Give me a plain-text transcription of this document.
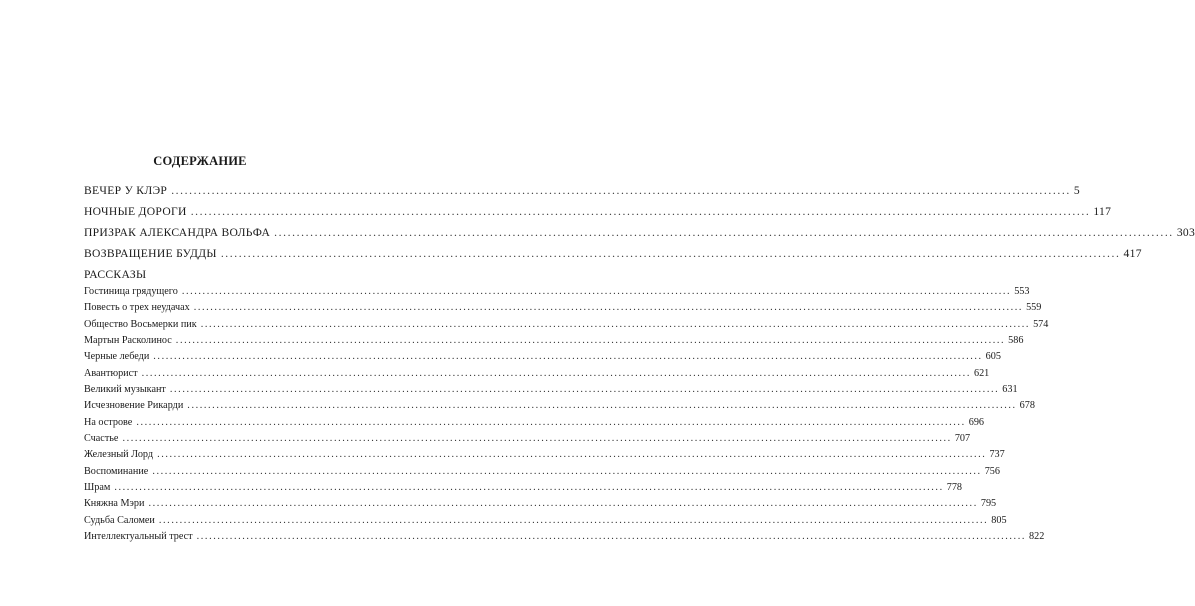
СОДЕРЖАНИЕ
ВЕЧЕР У КЛЭР ........................................................................................................................................................................................................ 5
НОЧНЫЕ ДОРОГИ ........................................................................................................................................................................................................ 117
ПРИЗРАК АЛЕКСАНДРА ВОЛЬФА ........................................................................................................................................................................................................ 303
ВОЗВРАЩЕНИЕ БУДДЫ ........................................................................................................................................................................................................ 417
РАССКАЗЫ
Гостиница грядущего ........................................................................................................................................................................................................ 553
Повесть о трех неудачах ........................................................................................................................................................................................................ 559
Общество Восьмерки пик ........................................................................................................................................................................................................ 574
Мартын Расколинос ........................................................................................................................................................................................................ 586
Черные лебеди ........................................................................................................................................................................................................ 605
Авантюрист ........................................................................................................................................................................................................ 621
Великий музыкант ........................................................................................................................................................................................................ 631
Исчезновение Рикарди ........................................................................................................................................................................................................ 678
На острове ........................................................................................................................................................................................................ 696
Счастье ........................................................................................................................................................................................................ 707
Железный Лорд ........................................................................................................................................................................................................ 737
Воспоминание ........................................................................................................................................................................................................ 756
Шрам ........................................................................................................................................................................................................ 778
Княжна Мэри ........................................................................................................................................................................................................ 795
Судьба Саломеи ........................................................................................................................................................................................................ 805
Интеллектуальный трест ........................................................................................................................................................................................................ 822
